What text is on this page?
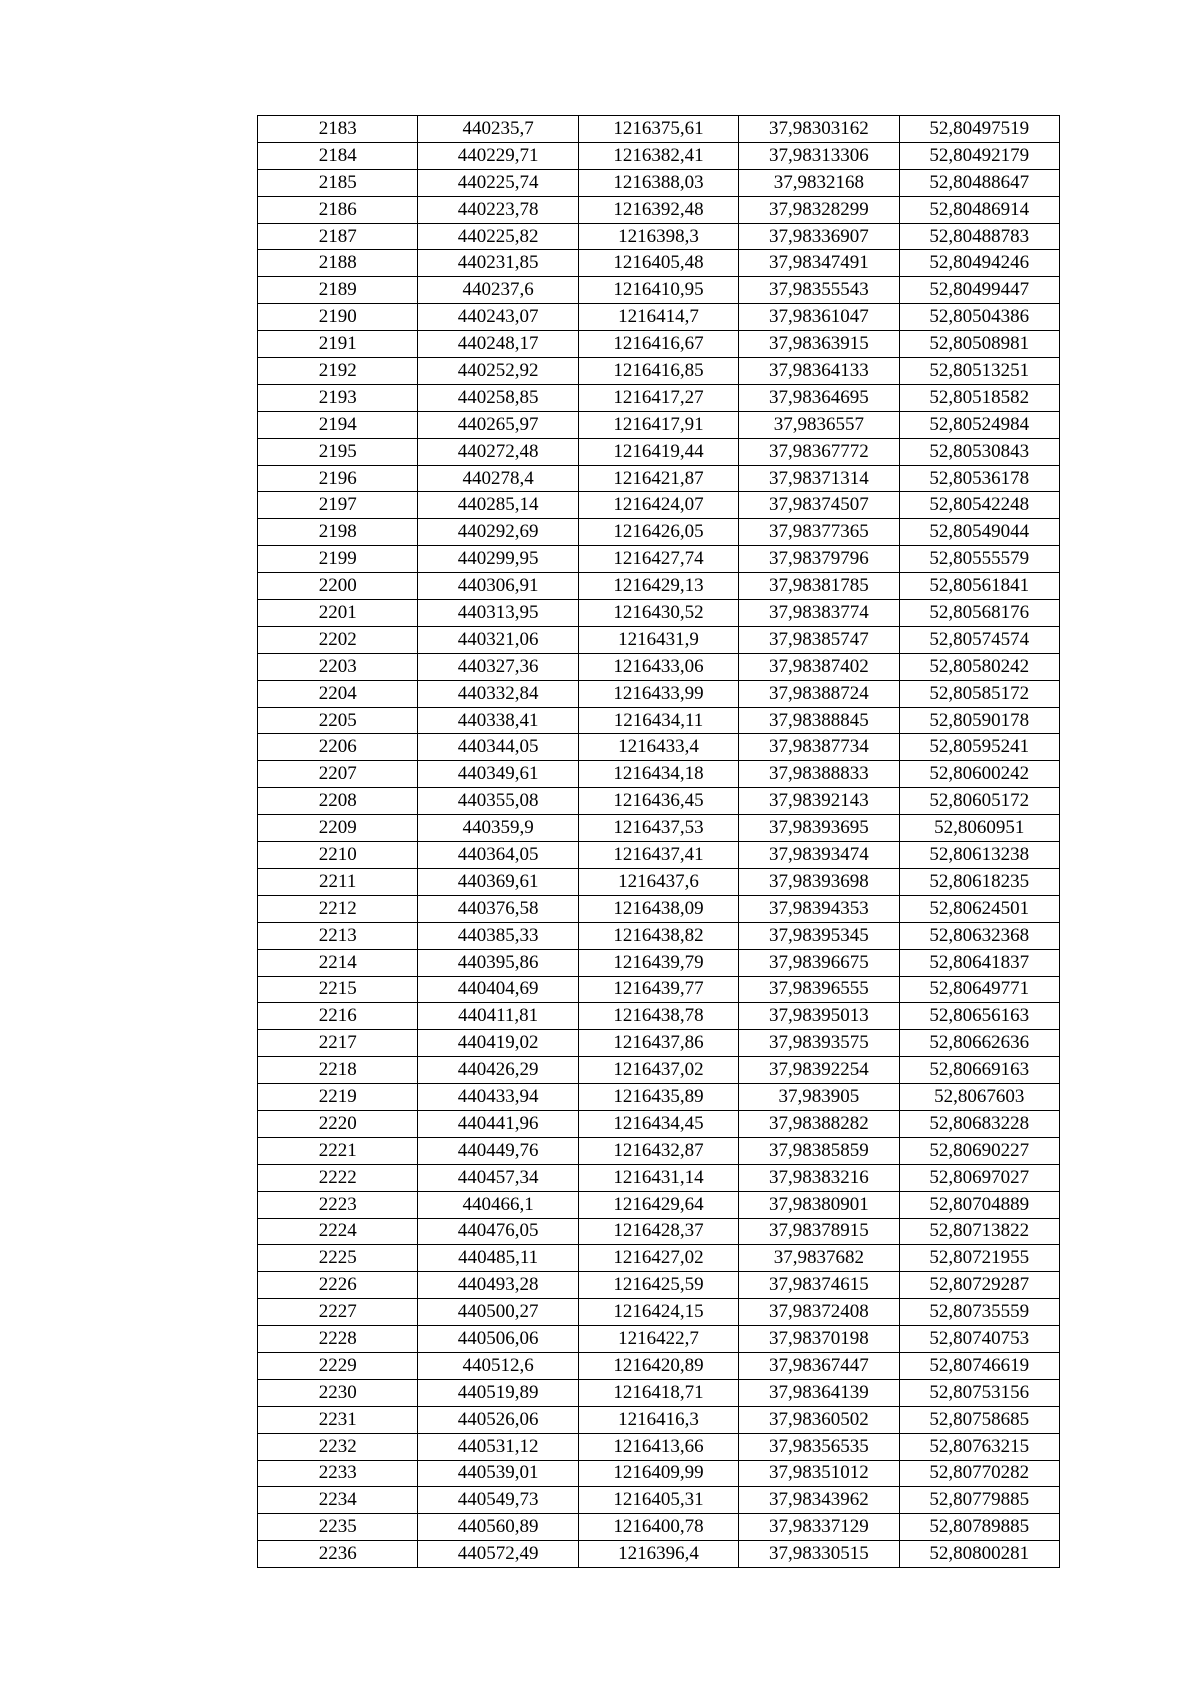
2183	440235,7	1216375,61	37,98303162	52,80497519
2184	440229,71	1216382,41	37,98313306	52,80492179
2185	440225,74	1216388,03	37,9832168	52,80488647
2186	440223,78	1216392,48	37,98328299	52,80486914
2187	440225,82	1216398,3	37,98336907	52,80488783
2188	440231,85	1216405,48	37,98347491	52,80494246
2189	440237,6	1216410,95	37,98355543	52,80499447
2190	440243,07	1216414,7	37,98361047	52,80504386
2191	440248,17	1216416,67	37,98363915	52,80508981
2192	440252,92	1216416,85	37,98364133	52,80513251
2193	440258,85	1216417,27	37,98364695	52,80518582
2194	440265,97	1216417,91	37,9836557	52,80524984
2195	440272,48	1216419,44	37,98367772	52,80530843
2196	440278,4	1216421,87	37,98371314	52,80536178
2197	440285,14	1216424,07	37,98374507	52,80542248
2198	440292,69	1216426,05	37,98377365	52,80549044
2199	440299,95	1216427,74	37,98379796	52,80555579
2200	440306,91	1216429,13	37,98381785	52,80561841
2201	440313,95	1216430,52	37,98383774	52,80568176
2202	440321,06	1216431,9	37,98385747	52,80574574
2203	440327,36	1216433,06	37,98387402	52,80580242
2204	440332,84	1216433,99	37,98388724	52,80585172
2205	440338,41	1216434,11	37,98388845	52,80590178
2206	440344,05	1216433,4	37,98387734	52,80595241
2207	440349,61	1216434,18	37,98388833	52,80600242
2208	440355,08	1216436,45	37,98392143	52,80605172
2209	440359,9	1216437,53	37,98393695	52,8060951
2210	440364,05	1216437,41	37,98393474	52,80613238
2211	440369,61	1216437,6	37,98393698	52,80618235
2212	440376,58	1216438,09	37,98394353	52,80624501
2213	440385,33	1216438,82	37,98395345	52,80632368
2214	440395,86	1216439,79	37,98396675	52,80641837
2215	440404,69	1216439,77	37,98396555	52,80649771
2216	440411,81	1216438,78	37,98395013	52,80656163
2217	440419,02	1216437,86	37,98393575	52,80662636
2218	440426,29	1216437,02	37,98392254	52,80669163
2219	440433,94	1216435,89	37,983905	52,8067603
2220	440441,96	1216434,45	37,98388282	52,80683228
2221	440449,76	1216432,87	37,98385859	52,80690227
2222	440457,34	1216431,14	37,98383216	52,80697027
2223	440466,1	1216429,64	37,98380901	52,80704889
2224	440476,05	1216428,37	37,98378915	52,80713822
2225	440485,11	1216427,02	37,9837682	52,80721955
2226	440493,28	1216425,59	37,98374615	52,80729287
2227	440500,27	1216424,15	37,98372408	52,80735559
2228	440506,06	1216422,7	37,98370198	52,80740753
2229	440512,6	1216420,89	37,98367447	52,80746619
2230	440519,89	1216418,71	37,98364139	52,80753156
2231	440526,06	1216416,3	37,98360502	52,80758685
2232	440531,12	1216413,66	37,98356535	52,80763215
2233	440539,01	1216409,99	37,98351012	52,80770282
2234	440549,73	1216405,31	37,98343962	52,80779885
2235	440560,89	1216400,78	37,98337129	52,80789885
2236	440572,49	1216396,4	37,98330515	52,80800281
